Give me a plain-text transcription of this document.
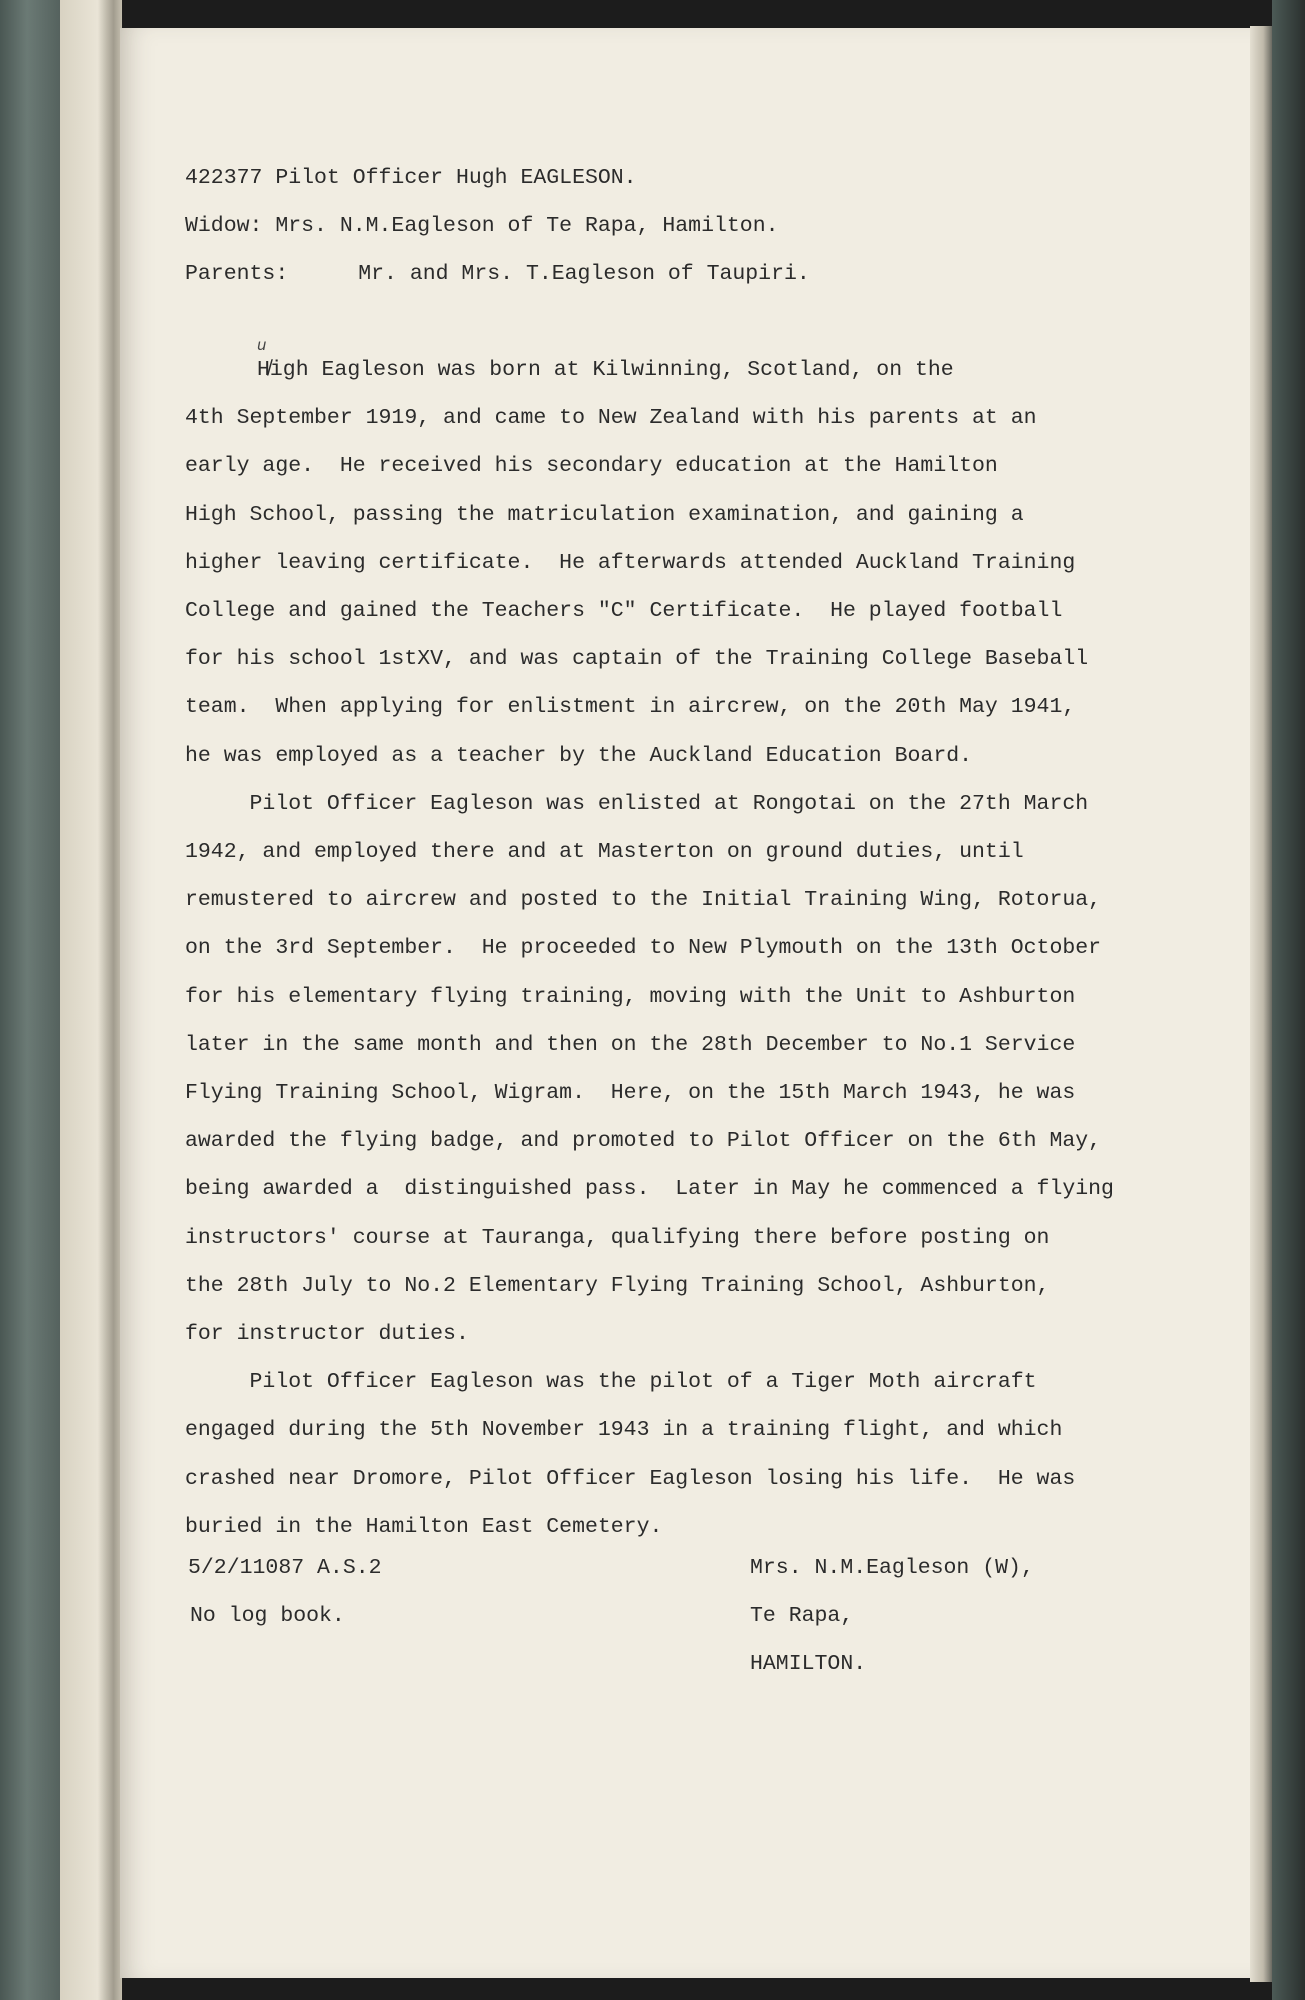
422377 Pilot Officer Hugh EAGLESON.
Widow: Mrs. N.M.Eagleson of Te Rapa, Hamilton.
Parents:	Mr. and Mrs. T.Eagleson of Taupiri.
u
H̸igh Eagleson was born at Kilwinning, Scotland, on the
4th September 1919, and came to New Zealand with his parents at an
early age.  He received his secondary education at the Hamilton
High School, passing the matriculation examination, and gaining a
higher leaving certificate.  He afterwards attended Auckland Training
College and gained the Teachers "C" Certificate.  He played football
for his school 1stXV, and was captain of the Training College Baseball
team.  When applying for enlistment in aircrew, on the 20th May 1941,
he was employed as a teacher by the Auckland Education Board.
Pilot Officer Eagleson was enlisted at Rongotai on the 27th March
1942, and employed there and at Masterton on ground duties, until
remustered to aircrew and posted to the Initial Training Wing, Rotorua,
on the 3rd September.  He proceeded to New Plymouth on the 13th October
for his elementary flying training, moving with the Unit to Ashburton
later in the same month and then on the 28th December to No.1 Service
Flying Training School, Wigram.  Here, on the 15th March 1943, he was
awarded the flying badge, and promoted to Pilot Officer on the 6th May,
being awarded a  distinguished pass.  Later in May he commenced a flying
instructors' course at Tauranga, qualifying there before posting on
the 28th July to No.2 Elementary Flying Training School, Ashburton,
for instructor duties.
Pilot Officer Eagleson was the pilot of a Tiger Moth aircraft
engaged during the 5th November 1943 in a training flight, and which
crashed near Dromore, Pilot Officer Eagleson losing his life.  He was
buried in the Hamilton East Cemetery.
5/2/11087 A.S.2
No log book.
Mrs. N.M.Eagleson (W),
Te Rapa,
HAMILTON.
